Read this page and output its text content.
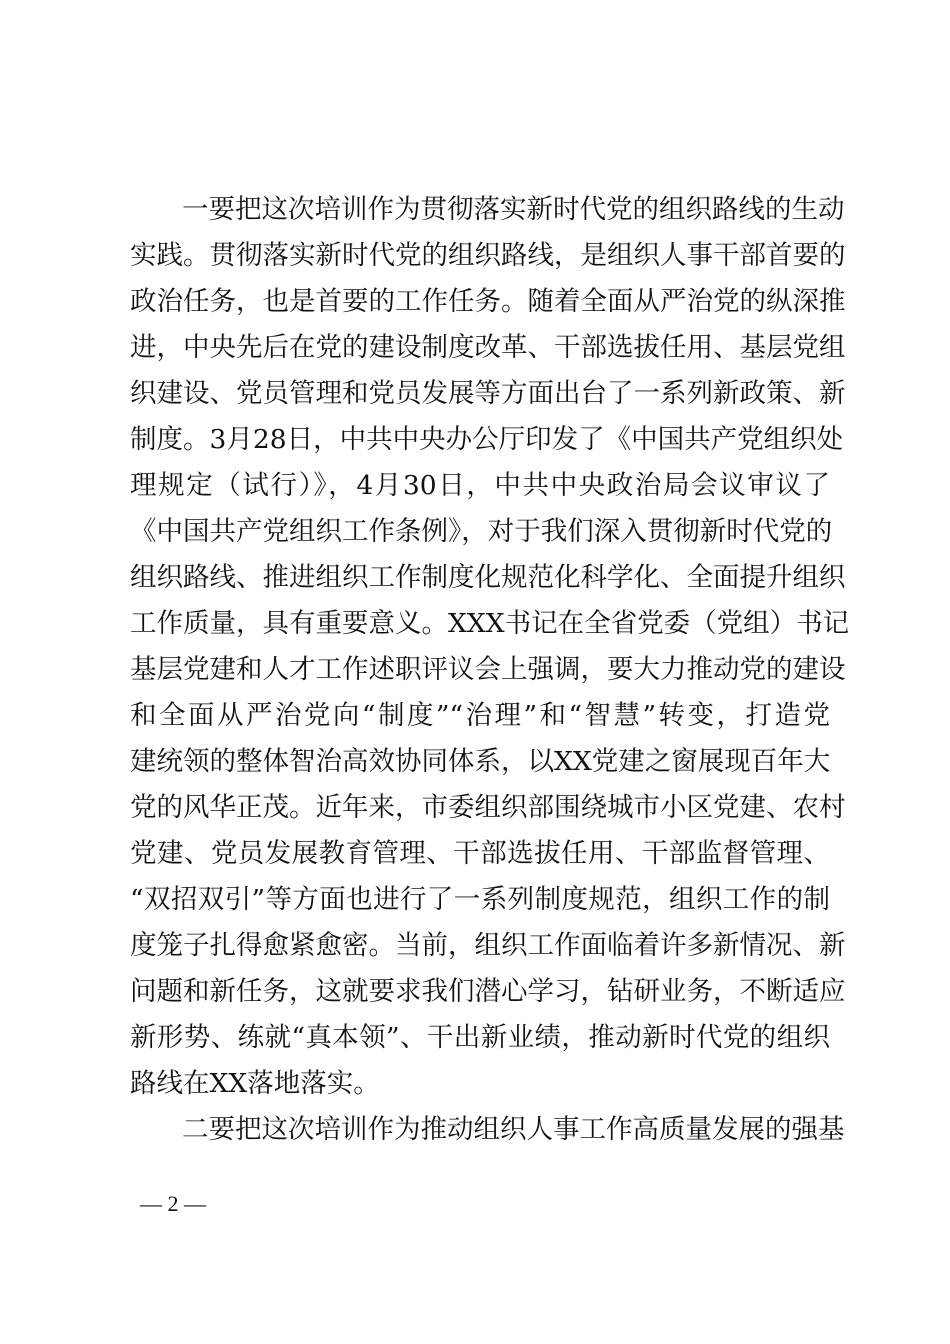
一要把这次培训作为贯彻落实新时代党的组织路线的生动
实践。贯彻落实新时代党的组织路线，是组织人事干部首要的
政治任务，也是首要的工作任务。随着全面从严治党的纵深推
进，中央先后在党的建设制度改革、干部选拔任用、基层党组
织建设、党员管理和党员发展等方面出台了一系列新政策、新
制度。3月28日，中共中央办公厅印发了《中国共产党组织处
理规定（试行）》，4月30日，中共中央政治局会议审议了
《中国共产党组织工作条例》，对于我们深入贯彻新时代党的
组织路线、推进组织工作制度化规范化科学化、全面提升组织
工作质量，具有重要意义。XXX书记在全省党委（党组）书记
基层党建和人才工作述职评议会上强调，要大力推动党的建设
和全面从严治党向“制度”“治理”和“智慧”转变，打造党
建统领的整体智治高效协同体系，以XX党建之窗展现百年大
党的风华正茂。近年来，市委组织部围绕城市小区党建、农村
党建、党员发展教育管理、干部选拔任用、干部监督管理、
“双招双引”等方面也进行了一系列制度规范，组织工作的制
度笼子扎得愈紧愈密。当前，组织工作面临着许多新情况、新
问题和新任务，这就要求我们潜心学习，钻研业务，不断适应
新形势、练就“真本领”、干出新业绩，推动新时代党的组织
路线在XX落地落实。
二要把这次培训作为推动组织人事工作高质量发展的强基
— 2 —
